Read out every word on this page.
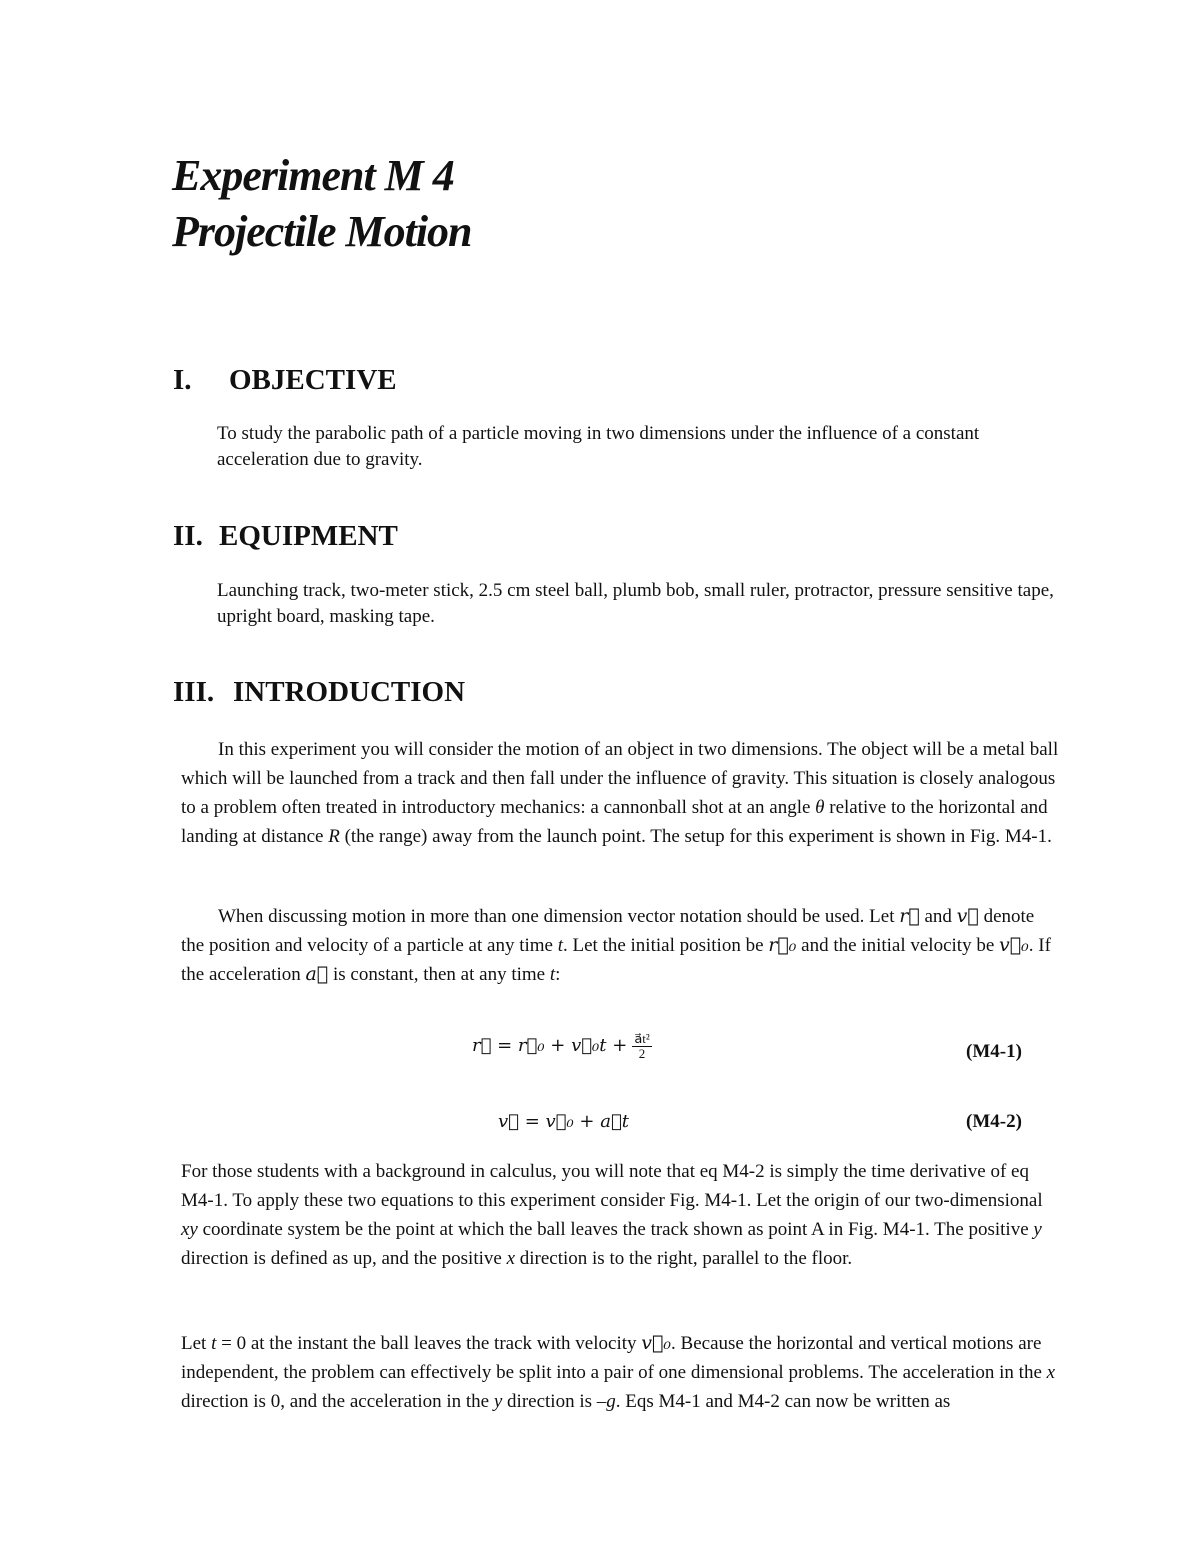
Experiment M 4
Projectile Motion
I. OBJECTIVE

To study the parabolic path of a particle moving in two dimensions under the influence of a constant acceleration due to gravity.

II. EQUIPMENT

Launching track, two-meter stick, 2.5 cm steel ball, plumb bob, small ruler, protractor, pressure sensitive tape, upright board, masking tape.

III. INTRODUCTION

In this experiment you will consider the motion of an object in two dimensions. The object will be a metal ball which will be launched from a track and then fall under the influence of gravity. This situation is closely analogous to a problem often treated in introductory mechanics: a cannonball shot at an angle θ relative to the horizontal and landing at distance R (the range) away from the launch point. The setup for this experiment is shown in Fig. M4-1.

When discussing motion in more than one dimension vector notation should be used. Let r⃗ and v⃗ denote the position and velocity of a particle at any time t. Let the initial position be r⃗₀ and the initial velocity be v⃗₀. If the acceleration a⃗ is constant, then at any time t:

r⃗ = r⃗₀ + v⃗₀t + $\frac{\text{a⃗t²}}{2}$	(M4-1)
v⃗ = v⃗₀ + a⃗t	(M4-2)

For those students with a background in calculus, you will note that eq M4-2 is simply the time derivative of eq M4-1. To apply these two equations to this experiment consider Fig. M4-1. Let the origin of our two-dimensional xy coordinate system be the point at which the ball leaves the track shown as point A in Fig. M4-1. The positive y direction is defined as up, and the positive x direction is to the right, parallel to the floor.

Let t = 0 at the instant the ball leaves the track with velocity v⃗₀. Because the horizontal and vertical motions are independent, the problem can effectively be split into a pair of one dimensional problems. The acceleration in the x direction is 0, and the acceleration in the y direction is –g. Eqs M4-1 and M4-2 can now be written as
